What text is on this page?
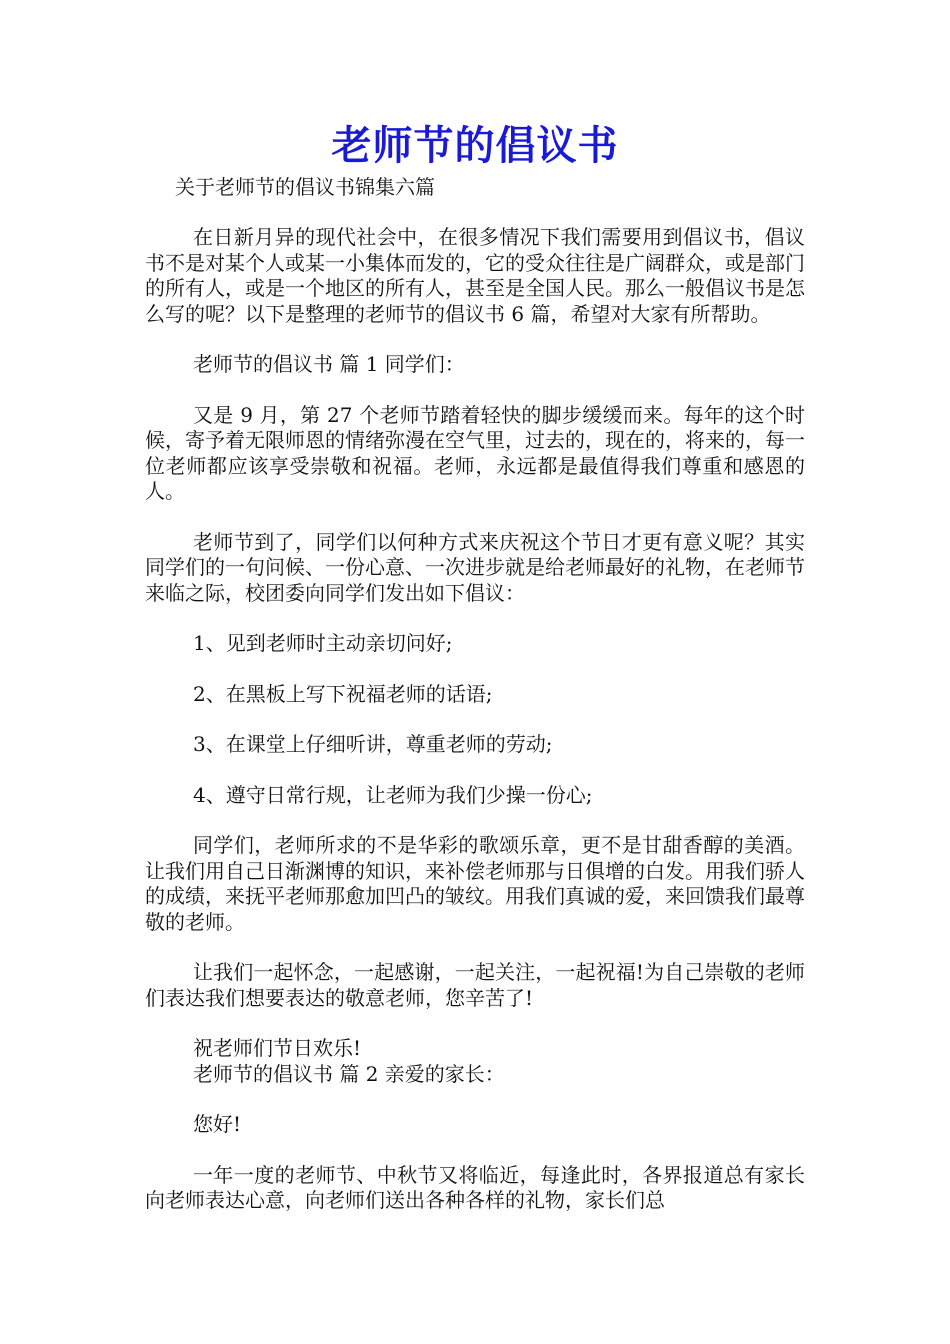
老师节的倡议书

关于老师节的倡议书锦集六篇

在日新月异的现代社会中，在很多情况下我们需要用到倡议书，倡议书不是对某个人或某一小集体而发的，它的受众往往是广阔群众，或是部门的所有人，或是一个地区的所有人，甚至是全国人民。那么一般倡议书是怎么写的呢？以下是整理的老师节的倡议书 6 篇，希望对大家有所帮助。

老师节的倡议书 篇 1 同学们：

又是 9 月，第 27 个老师节踏着轻快的脚步缓缓而来。每年的这个时候，寄予着无限师恩的情绪弥漫在空气里，过去的，现在的，将来的，每一位老师都应该享受崇敬和祝福。老师，永远都是最值得我们尊重和感恩的人。

老师节到了，同学们以何种方式来庆祝这个节日才更有意义呢？其实同学们的一句问候、一份心意、一次进步就是给老师最好的礼物，在老师节来临之际，校团委向同学们发出如下倡议：

1、见到老师时主动亲切问好;

2、在黑板上写下祝福老师的话语;

3、在课堂上仔细听讲，尊重老师的劳动;

4、遵守日常行规，让老师为我们少操一份心;

同学们，老师所求的不是华彩的歌颂乐章，更不是甘甜香醇的美酒。让我们用自己日渐渊博的知识，来补偿老师那与日俱增的白发。用我们骄人的成绩，来抚平老师那愈加凹凸的皱纹。用我们真诚的爱，来回馈我们最尊敬的老师。

让我们一起怀念，一起感谢，一起关注，一起祝福!为自己崇敬的老师们表达我们想要表达的敬意老师，您辛苦了!

祝老师们节日欢乐!

老师节的倡议书 篇 2 亲爱的家长：

您好!

一年一度的老师节、中秋节又将临近，每逢此时，各界报道总有家长向老师表达心意，向老师们送出各种各样的礼物，家长们总
